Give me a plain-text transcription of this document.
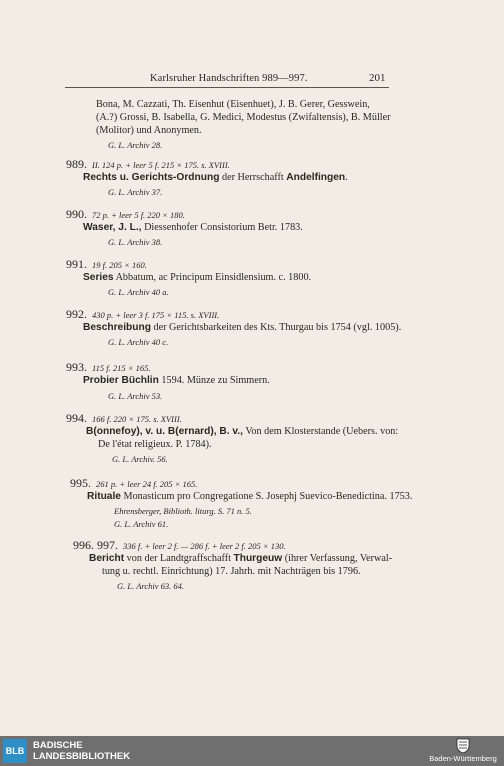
Karlsruher Handschriften 989—997.	201
Bona, M. Cazzati, Th. Eisenhut (Eisenhuet), J. B. Gerer, Gesswein,
(A.?) Grossi, B. Isabella, G. Medici, Modestus (Zwifaltensis), B. Müller
(Molitor) und Anonymen.
G. L. Archiv 28.
989. II. 124 p. + leer 5 f. 215 × 175. s. XVIII.
Rechts u. Gerichts-Ordnung der Herrschafft Andelfingen.
G. L. Archiv 37.
990. 72 p. + leer 5 f. 220 × 180.
Waser, J. L., Diessenhofer Consistorium Betr. 1783.
G. L. Archiv 38.
991. 19 f. 205 × 160.
Series Abbatum, ac Principum Einsidlensium. c. 1800.
G. L. Archiv 40 a.
992. 430 p. + leer 3 f. 175 × 115. s. XVIII.
Beschreibung der Gerichtsbarkeiten des Kts. Thurgau bis 1754 (vgl. 1005).
G. L. Archiv 40 c.
993. 115 f. 215 × 165.
Probier Büchlin 1594. Münze zu Simmern.
G. L. Archiv 53.
994. 166 f. 220 × 175. s. XVIII.
B(onnefoy), v. u. B(ernard), B. v., Von dem Klosterstande (Uebers. von:
De l'état religieux. P. 1784).
G. L. Archiv. 56.
995. 261 p. + leer 24 f. 205 × 165.
Rituale Monasticum pro Congregatione S. Josephj Suevico-Benedictina. 1753.
Ehrensberger, Biblioth. liturg. S. 71 n. 5.
G. L. Archiv 61.
996. 997. 336 f. + leer 2 f. — 286 f. + leer 2 f. 205 × 130.
Bericht von der Landtgraffschafft Thurgeuw (ihrer Verfassung, Verwal-
tung u. rechtl. Einrichtung) 17. Jahrh. mit Nachträgen bis 1796.
G. L. Archiv 63. 64.
BLB BADISCHE
LANDESBIBLIOTHEK	Baden-Württemberg
